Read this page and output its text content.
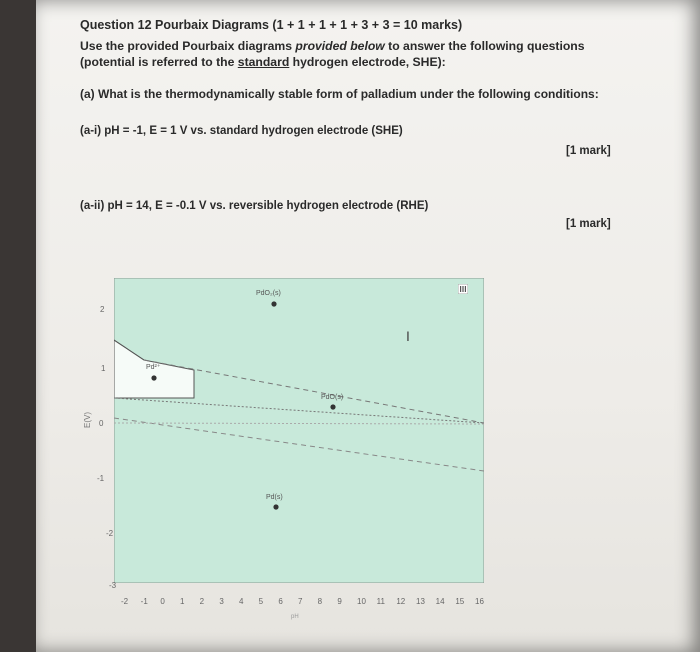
Question 12 Pourbaix Diagrams (1 + 1 + 1 + 1 + 3 + 3 = 10 marks)
Use the provided Pourbaix diagrams provided below to answer the following questions (potential is referred to the standard hydrogen electrode, SHE):
(a) What is the thermodynamically stable form of palladium under the following conditions:
(a-i) pH = -1, E = 1 V vs. standard hydrogen electrode (SHE)
[1 mark]
(a-ii) pH = 14, E = -0.1 V vs. reversible hydrogen electrode (RHE)
[1 mark]
PdO₂(s)
Pd²⁺
PdO(s)
Pd(s)
2
1
0
-1
-2
-3
E(V)
-2 -1 0 1 2 3 4 5 6 7 8 9 10 11 12 13 14 15 16
pH
I
